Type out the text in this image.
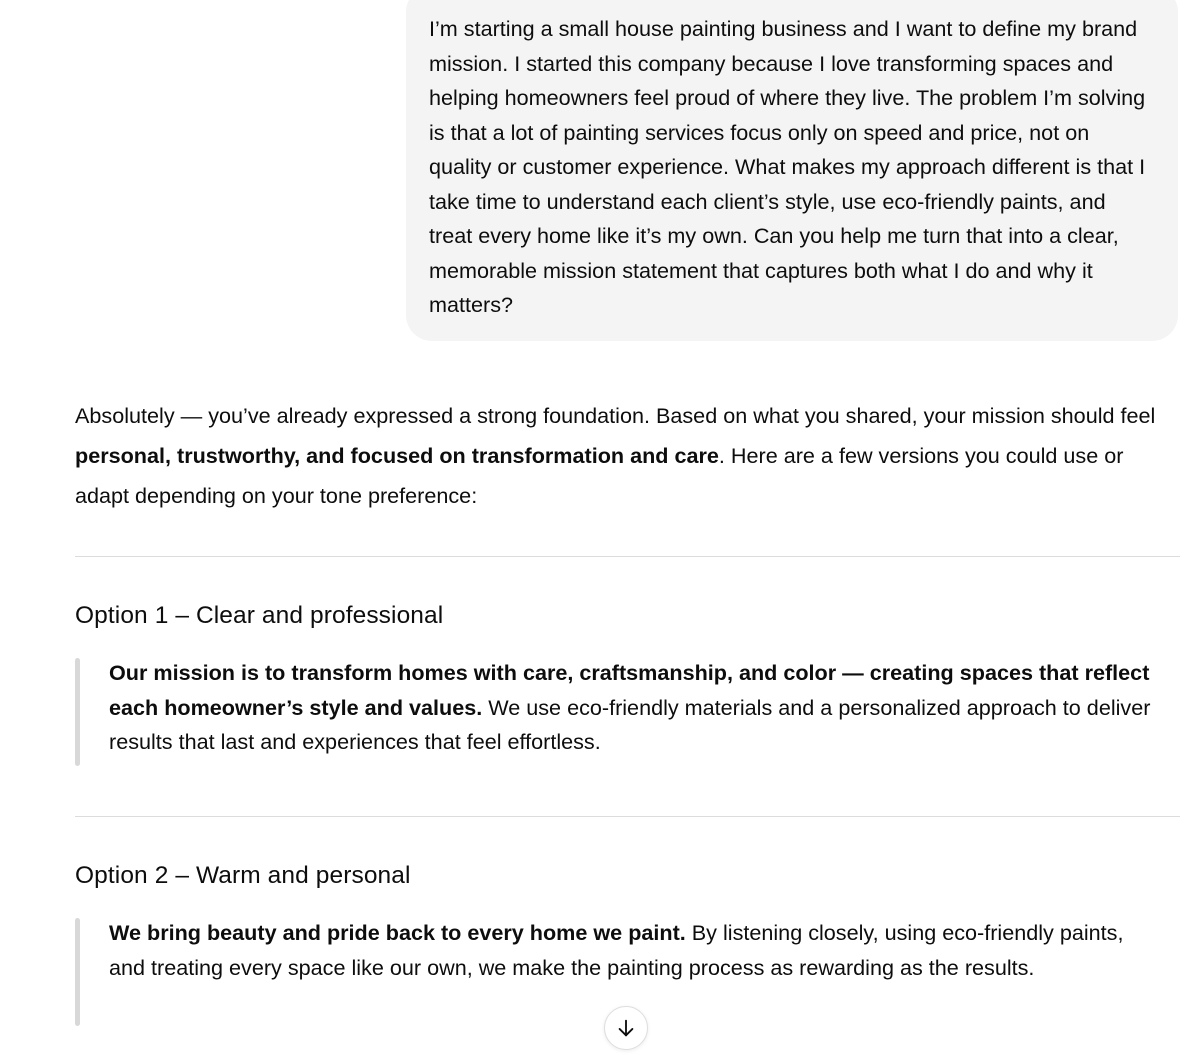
I’m starting a small house painting business and I want to define my brand mission. I started this company because I love transforming spaces and helping homeowners feel proud of where they live. The problem I’m solving is that a lot of painting services focus only on speed and price, not on quality or customer experience. What makes my approach different is that I take time to understand each client’s style, use eco-friendly paints, and treat every home like it’s my own. Can you help me turn that into a clear, memorable mission statement that captures both what I do and why it matters?

Absolutely — you’ve already expressed a strong foundation. Based on what you shared, your mission should feel personal, trustworthy, and focused on transformation and care. Here are a few versions you could use or adapt depending on your tone preference:

Option 1 – Clear and professional
Our mission is to transform homes with care, craftsmanship, and color — creating spaces that reflect each homeowner’s style and values. We use eco-friendly materials and a personalized approach to deliver results that last and experiences that feel effortless.
Option 2 – Warm and personal
We bring beauty and pride back to every home we paint. By listening closely, using eco-friendly paints, and treating every space like our own, we make the painting process as rewarding as the results.
